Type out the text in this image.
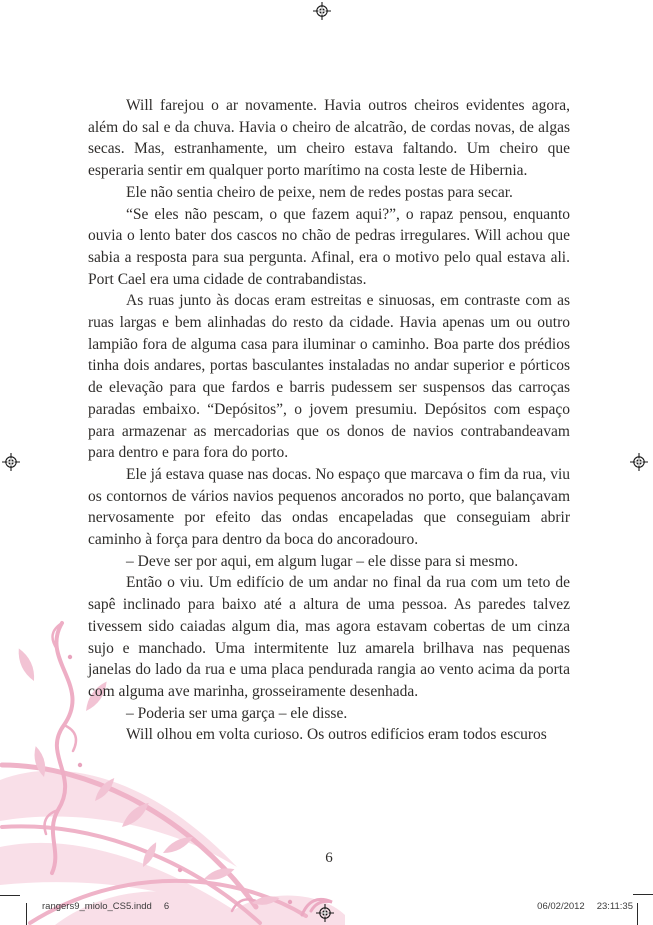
Will farejou o ar novamente. Havia outros cheiros evidentes agora, além do sal e da chuva. Havia o cheiro de alcatrão, de cordas novas, de algas secas. Mas, estranhamente, um cheiro estava faltando. Um cheiro que esperaria sentir em qualquer porto marítimo na costa leste de Hibernia.

Ele não sentia cheiro de peixe, nem de redes postas para secar.

“Se eles não pescam, o que fazem aqui?”, o rapaz pensou, enquanto ouvia o lento bater dos cascos no chão de pedras irregulares. Will achou que sabia a resposta para sua pergunta. Afinal, era o motivo pelo qual estava ali. Port Cael era uma cidade de contrabandistas.

As ruas junto às docas eram estreitas e sinuosas, em contraste com as ruas largas e bem alinhadas do resto da cidade. Havia apenas um ou outro lampião fora de alguma casa para iluminar o caminho. Boa parte dos prédios tinha dois andares, portas basculantes instaladas no andar superior e pórticos de elevação para que fardos e barris pudessem ser suspensos das carroças paradas embaixo. “Depósitos”, o jovem presumiu. Depósitos com espaço para armazenar as mercadorias que os donos de navios contrabandeavam para dentro e para fora do porto.

Ele já estava quase nas docas. No espaço que marcava o fim da rua, viu os contornos de vários navios pequenos ancorados no porto, que balançavam nervosamente por efeito das ondas encapeladas que conseguiam abrir caminho à força para dentro da boca do ancoradouro.

– Deve ser por aqui, em algum lugar – ele disse para si mesmo.

Então o viu. Um edifício de um andar no final da rua com um teto de sapê inclinado para baixo até a altura de uma pessoa. As paredes talvez tivessem sido caiadas algum dia, mas agora estavam cobertas de um cinza sujo e manchado. Uma intermitente luz amarela brilhava nas pequenas janelas do lado da rua e uma placa pendurada rangia ao vento acima da porta com alguma ave marinha, grosseiramente desenhada.

– Poderia ser uma garça – ele disse.

Will olhou em volta curioso. Os outros edifícios eram todos escuros

6
rangers9_miolo_CS5.indd 6	06/02/2012 23:11:35
